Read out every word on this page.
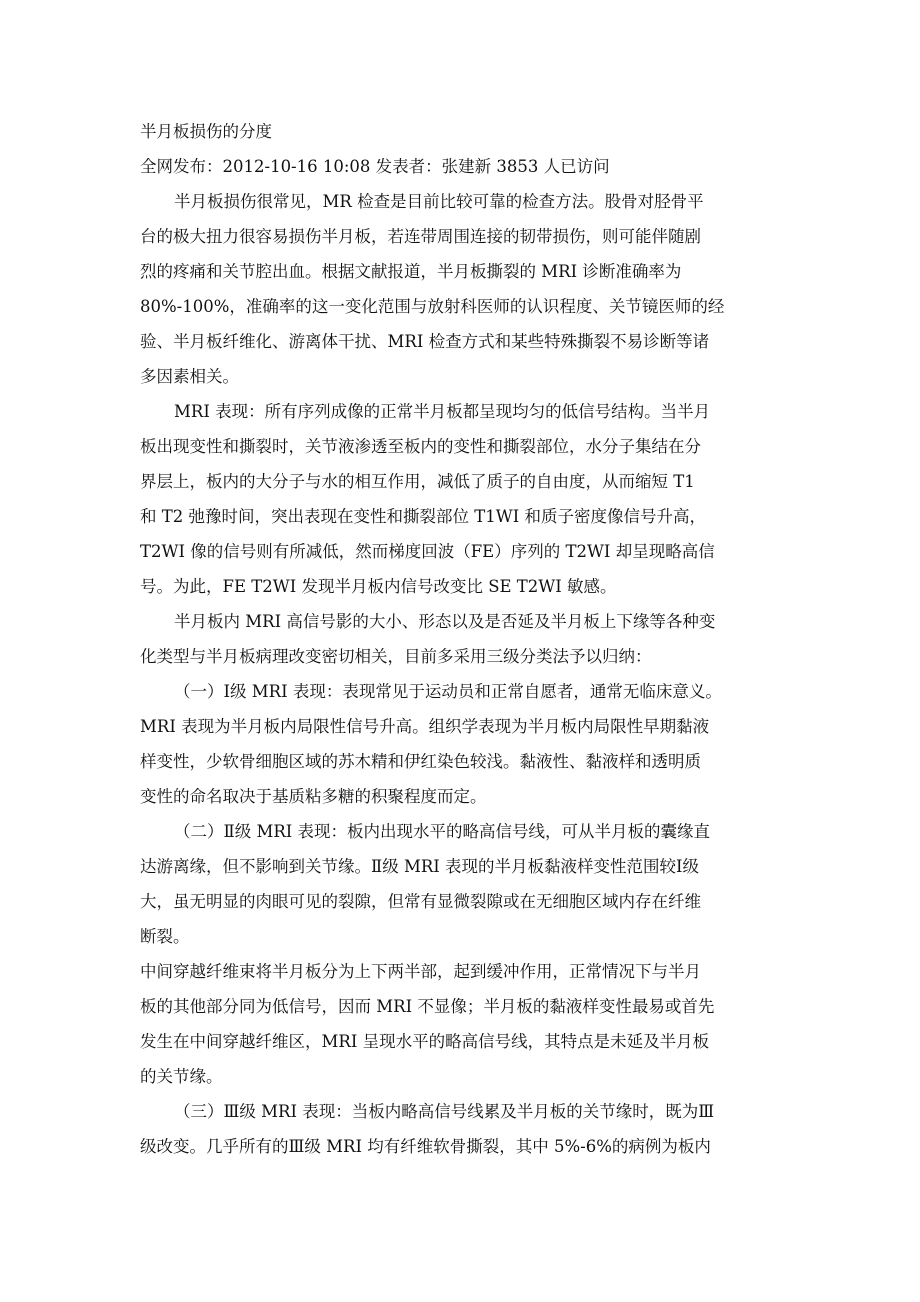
半月板损伤的分度
全网发布：2012-10-16 10:08 发表者：张建新 3853 人已访问
半月板损伤很常见，MR 检查是目前比较可靠的检查方法。股骨对胫骨平
台的极大扭力很容易损伤半月板，若连带周围连接的韧带损伤，则可能伴随剧
烈的疼痛和关节腔出血。根据文献报道，半月板撕裂的 MRI 诊断准确率为
80%-100%，准确率的这一变化范围与放射科医师的认识程度、关节镜医师的经
验、半月板纤维化、游离体干扰、MRI 检查方式和某些特殊撕裂不易诊断等诸
多因素相关。
MRI 表现：所有序列成像的正常半月板都呈现均匀的低信号结构。当半月
板出现变性和撕裂时，关节液渗透至板内的变性和撕裂部位，水分子集结在分
界层上，板内的大分子与水的相互作用，减低了质子的自由度，从而缩短 T1
和 T2 弛豫时间，突出表现在变性和撕裂部位 T1WI 和质子密度像信号升高，
T2WI 像的信号则有所减低，然而梯度回波（FE）序列的 T2WI 却呈现略高信
号。为此，FE T2WI 发现半月板内信号改变比 SE T2WI 敏感。
半月板内 MRI 高信号影的大小、形态以及是否延及半月板上下缘等各种变
化类型与半月板病理改变密切相关，目前多采用三级分类法予以归纳：
（一）Ⅰ级 MRI 表现：表现常见于运动员和正常自愿者，通常无临床意义。
MRI 表现为半月板内局限性信号升高。组织学表现为半月板内局限性早期黏液
样变性，少软骨细胞区域的苏木精和伊红染色较浅。黏液性、黏液样和透明质
变性的命名取决于基质粘多糖的积聚程度而定。
（二）Ⅱ级 MRI 表现：板内出现水平的略高信号线，可从半月板的囊缘直
达游离缘，但不影响到关节缘。Ⅱ级 MRI 表现的半月板黏液样变性范围较Ⅰ级
大，虽无明显的肉眼可见的裂隙，但常有显微裂隙或在无细胞区域内存在纤维
断裂。
中间穿越纤维束将半月板分为上下两半部，起到缓冲作用，正常情况下与半月
板的其他部分同为低信号，因而 MRI 不显像；半月板的黏液样变性最易或首先
发生在中间穿越纤维区，MRI 呈现水平的略高信号线，其特点是未延及半月板
的关节缘。
（三）Ⅲ级 MRI 表现：当板内略高信号线累及半月板的关节缘时，既为Ⅲ
级改变。几乎所有的Ⅲ级 MRI 均有纤维软骨撕裂，其中 5%-6%的病例为板内
